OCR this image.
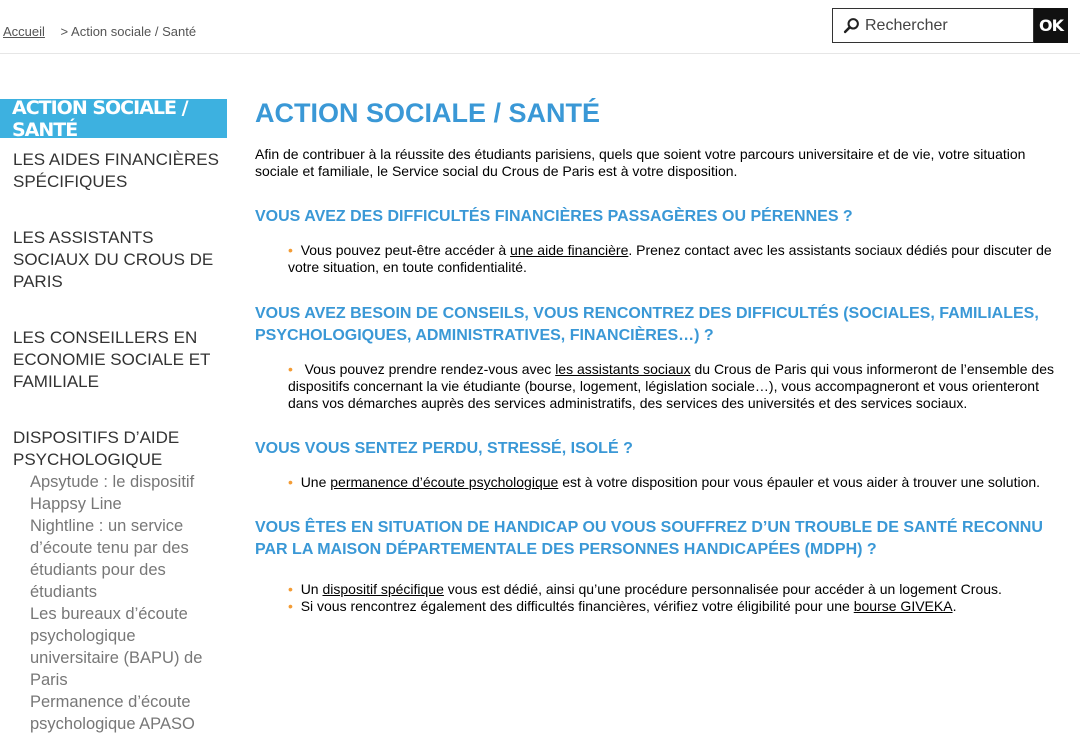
Accueil > Action sociale / Santé
Rechercher	OK
ACTION SOCIALE / SANTÉ
LES AIDES FINANCIÈRES SPÉCIFIQUES
LES ASSISTANTS SOCIAUX DU CROUS DE PARIS
LES CONSEILLERS EN ECONOMIE SOCIALE ET FAMILIALE
DISPOSITIFS D’AIDE PSYCHOLOGIQUE
Apsytude : le dispositif Happsy Line
Nightline : un service d’écoute tenu par des étudiants pour des étudiants
Les bureaux d’écoute psychologique universitaire (BAPU) de Paris
Permanence d’écoute psychologique APASO
ACTION SOCIALE / SANTÉ

Afin de contribuer à la réussite des étudiants parisiens, quels que soient votre parcours universitaire et de vie, votre situation sociale et familiale, le Service social du Crous de Paris est à votre disposition.

VOUS AVEZ DES DIFFICULTÉS FINANCIÈRES PASSAGÈRES OU PÉRENNES ?

• Vous pouvez peut-être accéder à une aide financière. Prenez contact avec les assistants sociaux dédiés pour discuter de votre situation, en toute confidentialité.

VOUS AVEZ BESOIN DE CONSEILS, VOUS RENCONTREZ DES DIFFICULTÉS (SOCIALES, FAMILIALES, PSYCHOLOGIQUES, ADMINISTRATIVES, FINANCIÈRES…) ?

•   Vous pouvez prendre rendez-vous avec les assistants sociaux du Crous de Paris qui vous informeront de l’ensemble des dispositifs concernant la vie étudiante (bourse, logement, législation sociale…), vous accompagneront et vous orienteront dans vos démarches auprès des services administratifs, des services des universités et des services sociaux.

VOUS VOUS SENTEZ PERDU, STRESSÉ, ISOLÉ ?

• Une permanence d’écoute psychologique est à votre disposition pour vous épauler et vous aider à trouver une solution.

VOUS ÊTES EN SITUATION DE HANDICAP OU VOUS SOUFFREZ D’UN TROUBLE DE SANTÉ RECONNU PAR LA MAISON DÉPARTEMENTALE DES PERSONNES HANDICAPÉES (MDPH) ?

• Un dispositif spécifique vous est dédié, ainsi qu’une procédure personnalisée pour accéder à un logement Crous.

• Si vous rencontrez également des difficultés financières, vérifiez votre éligibilité pour une bourse GIVEKA.
